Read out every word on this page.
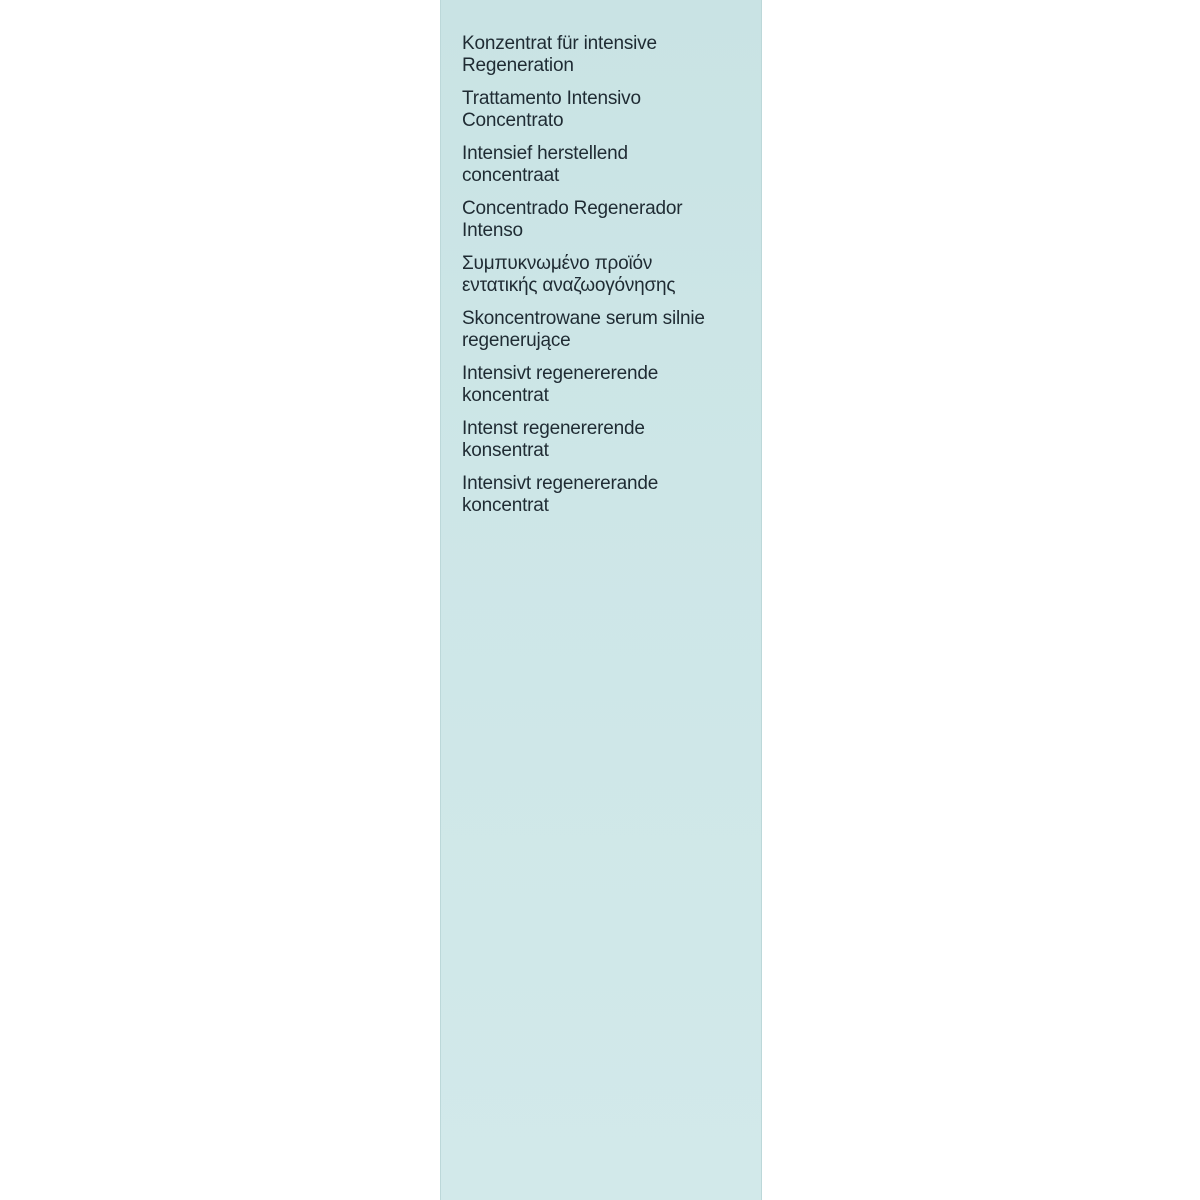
Konzentrat für intensive
Regeneration
Trattamento Intensivo
Concentrato
Intensief herstellend
concentraat
Concentrado Regenerador
Intenso
Συμπυκνωμένο προϊόν
εντατικής αναζωογόνησης
Skoncentrowane serum silnie
regenerujące
Intensivt regenererende
koncentrat
Intenst regenererende
konsentrat
Intensivt regenererande
koncentrat
